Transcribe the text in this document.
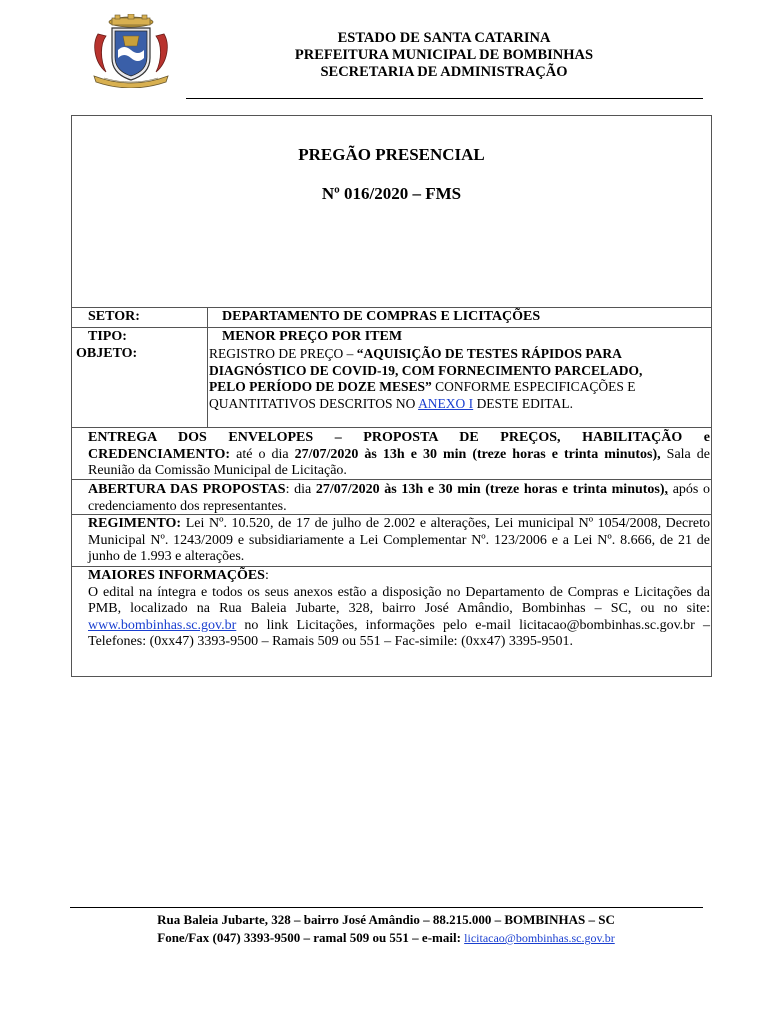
ESTADO DE SANTA CATARINA
PREFEITURA MUNICIPAL DE BOMBINHAS
SECRETARIA DE ADMINISTRAÇÃO
PREGÃO PRESENCIAL
Nº 016/2020 – FMS
SETOR:	DEPARTAMENTO DE COMPRAS E LICITAÇÕES
TIPO:	MENOR PREÇO POR ITEM
OBJETO:	REGISTRO DE PREÇO – “AQUISIÇÃO DE TESTES RÁPIDOS PARA DIAGNÓSTICO DE COVID-19, COM FORNECIMENTO PARCELADO, PELO PERÍODO DE DOZE MESES” CONFORME ESPECIFICAÇÕES E QUANTITATIVOS DESCRITOS NO ANEXO I DESTE EDITAL.
ENTREGA DOS ENVELOPES – PROPOSTA DE PREÇOS, HABILITAÇÃO e CREDENCIAMENTO: até o dia 27/07/2020 às 13h e 30 min (treze horas e trinta minutos), Sala de Reunião da Comissão Municipal de Licitação.
ABERTURA DAS PROPOSTAS: dia 27/07/2020 às 13h e 30 min (treze horas e trinta minutos), após o credenciamento dos representantes.
REGIMENTO: Lei Nº. 10.520, de 17 de julho de 2.002 e alterações, Lei municipal Nº 1054/2008, Decreto Municipal Nº. 1243/2009 e subsidiariamente a Lei Complementar Nº. 123/2006 e a Lei Nº. 8.666, de 21 de junho de 1.993 e alterações.
MAIORES INFORMAÇÕES:
O edital na íntegra e todos os seus anexos estão a disposição no Departamento de Compras e Licitações da PMB, localizado na Rua Baleia Jubarte, 328, bairro José Amândio, Bombinhas – SC, ou no site: www.bombinhas.sc.gov.br no link Licitações, informações pelo e-mail licitacao@bombinhas.sc.gov.br – Telefones: (0xx47) 3393-9500 – Ramais 509 ou 551 – Fac-simile: (0xx47) 3395-9501.
Rua Baleia Jubarte, 328 – bairro José Amândio – 88.215.000 – BOMBINHAS – SC
Fone/Fax (047) 3393-9500 – ramal 509 ou 551 – e-mail: licitacao@bombinhas.sc.gov.br
